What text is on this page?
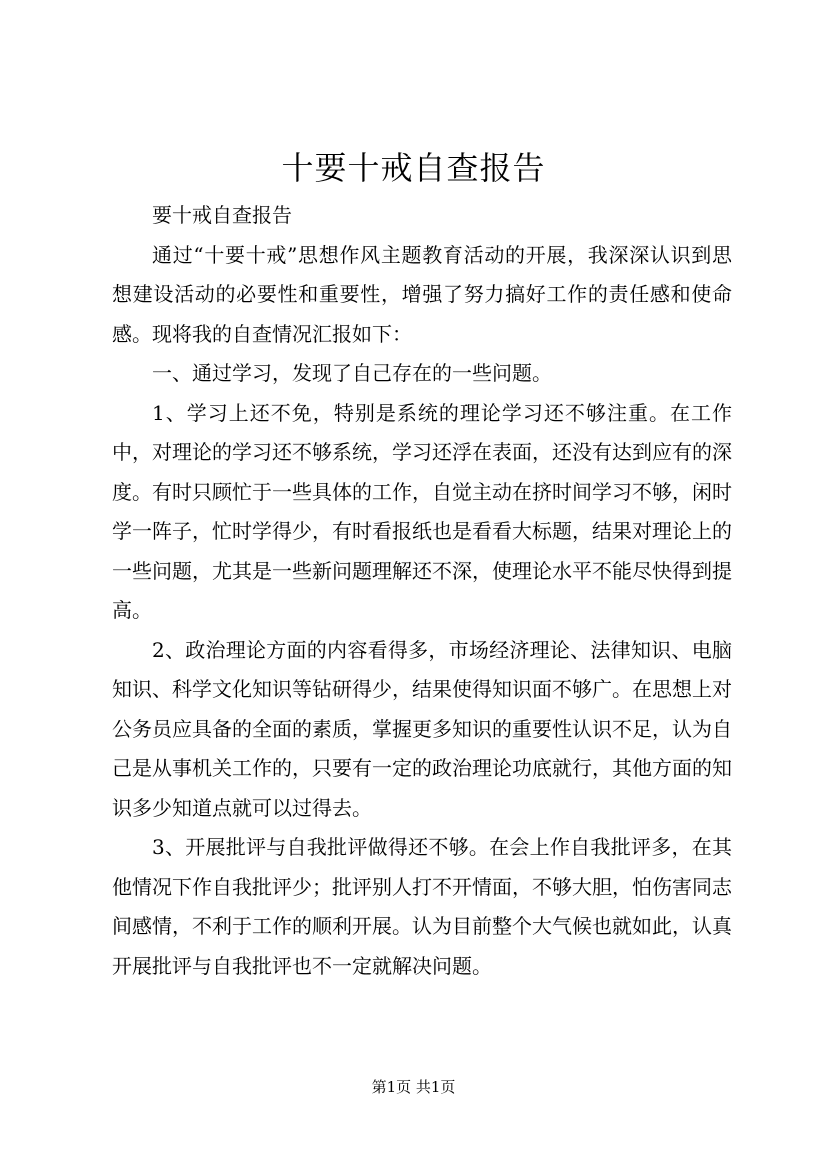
十要十戒自查报告

要十戒自查报告

通过“十要十戒”思想作风主题教育活动的开展，我深深认识到思想建设活动的必要性和重要性，增强了努力搞好工作的责任感和使命感。现将我的自查情况汇报如下：

一、通过学习，发现了自己存在的一些问题。

1、学习上还不免，特别是系统的理论学习还不够注重。在工作中，对理论的学习还不够系统，学习还浮在表面，还没有达到应有的深度。有时只顾忙于一些具体的工作，自觉主动在挤时间学习不够，闲时学一阵子，忙时学得少，有时看报纸也是看看大标题，结果对理论上的一些问题，尤其是一些新问题理解还不深，使理论水平不能尽快得到提高。

2、政治理论方面的内容看得多，市场经济理论、法律知识、电脑知识、科学文化知识等钻研得少，结果使得知识面不够广。在思想上对公务员应具备的全面的素质，掌握更多知识的重要性认识不足，认为自己是从事机关工作的，只要有一定的政治理论功底就行，其他方面的知识多少知道点就可以过得去。

3、开展批评与自我批评做得还不够。在会上作自我批评多，在其他情况下作自我批评少；批评别人打不开情面，不够大胆，怕伤害同志间感情，不利于工作的顺利开展。认为目前整个大气候也就如此，认真开展批评与自我批评也不一定就解决问题。

第1页 共1页
